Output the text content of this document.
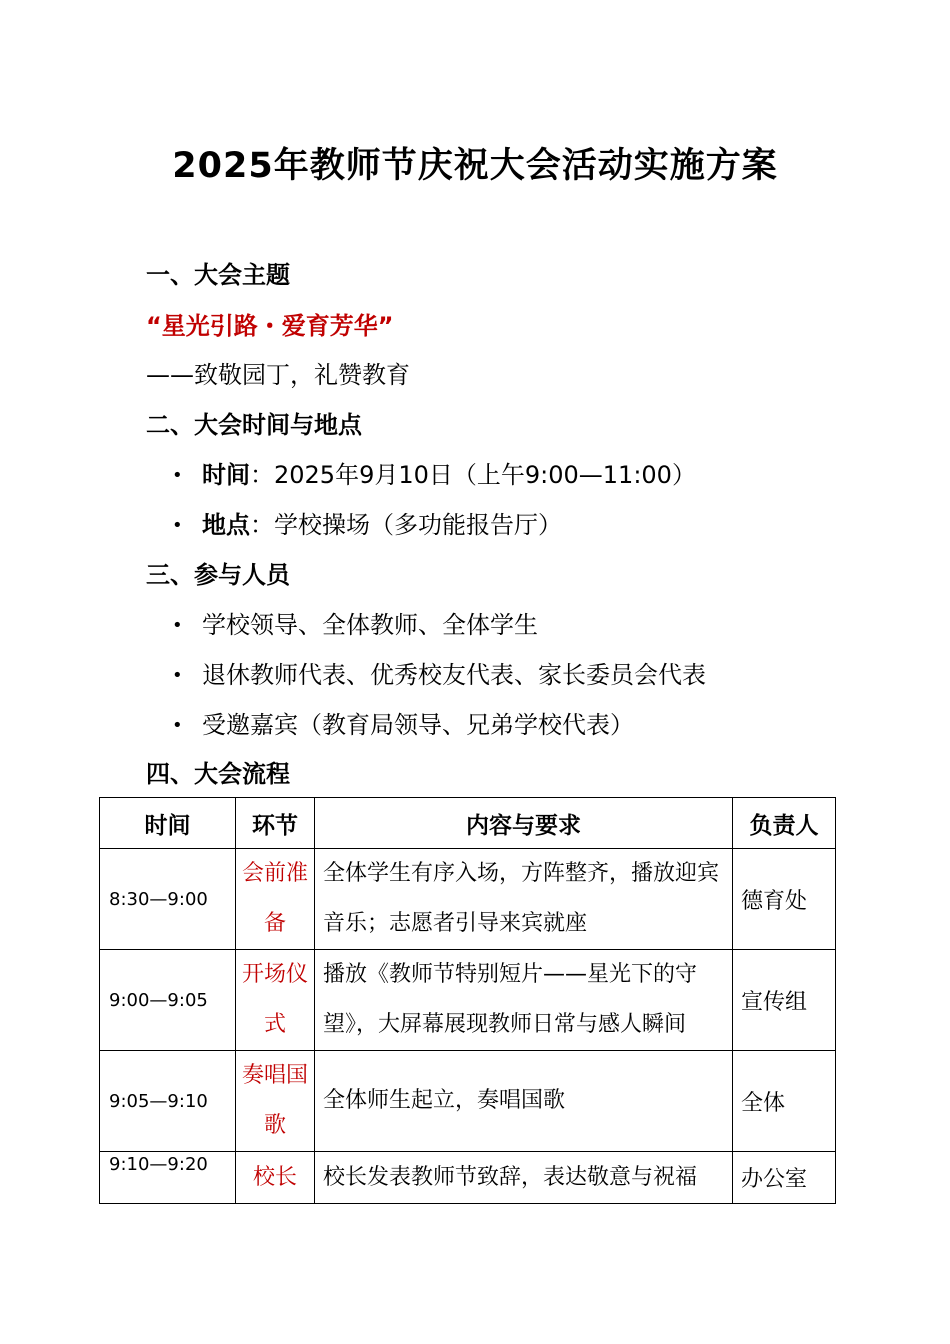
2025年教师节庆祝大会活动实施方案
一、大会主题
“星光引路・爱育芳华”
——致敬园丁，礼赞教育
二、大会时间与地点
• 时间：2025年9月10日（上午9:00—11:00）
• 地点：学校操场（多功能报告厅）
三、参与人员
• 学校领导、全体教师、全体学生
• 退休教师代表、优秀校友代表、家长委员会代表
• 受邀嘉宾（教育局领导、兄弟学校代表）
四、大会流程
时间	环节	内容与要求	负责人
8:30—9:00	会前准备	全体学生有序入场，方阵整齐，播放迎宾音乐；志愿者引导来宾就座	德育处
9:00—9:05	开场仪式	播放《教师节特别短片——星光下的守望》，大屏幕展现教师日常与感人瞬间	宣传组
9:05—9:10	奏唱国歌	全体师生起立，奏唱国歌	全体
9:10—9:20	校长	校长发表教师节致辞，表达敬意与祝福	办公室
